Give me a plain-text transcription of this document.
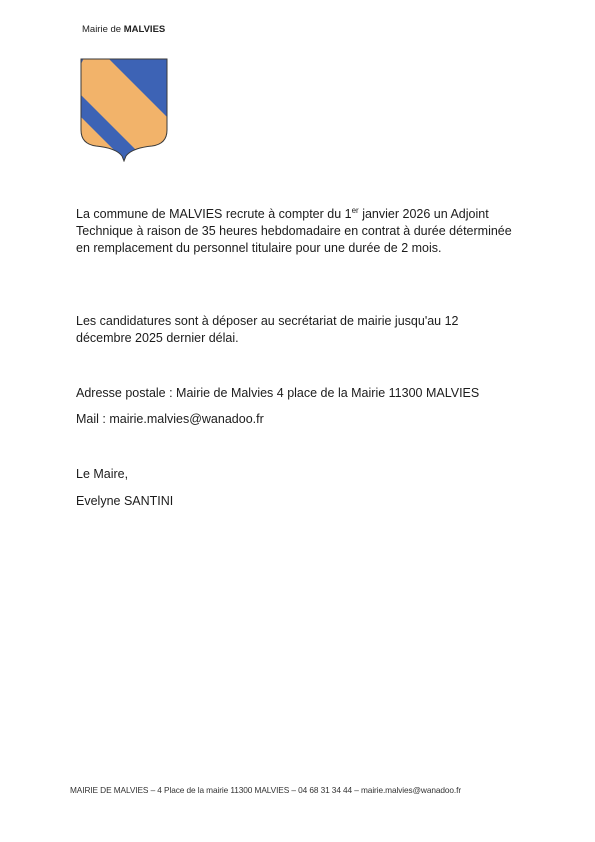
Mairie de MALVIES
La commune de MALVIES recrute à compter du 1er janvier 2026 un Adjoint Technique à raison de 35 heures hebdomadaire en contrat à durée déterminée en remplacement du personnel titulaire pour une durée de 2 mois.
Les candidatures sont à déposer au secrétariat de mairie jusqu'au 12 décembre 2025 dernier délai.
Adresse postale : Mairie de Malvies 4 place de la Mairie 11300 MALVIES
Mail : mairie.malvies@wanadoo.fr
Le Maire,
Evelyne SANTINI
MAIRIE DE MALVIES – 4 Place de la mairie 11300 MALVIES – 04 68 31 34 44 – mairie.malvies@wanadoo.fr
